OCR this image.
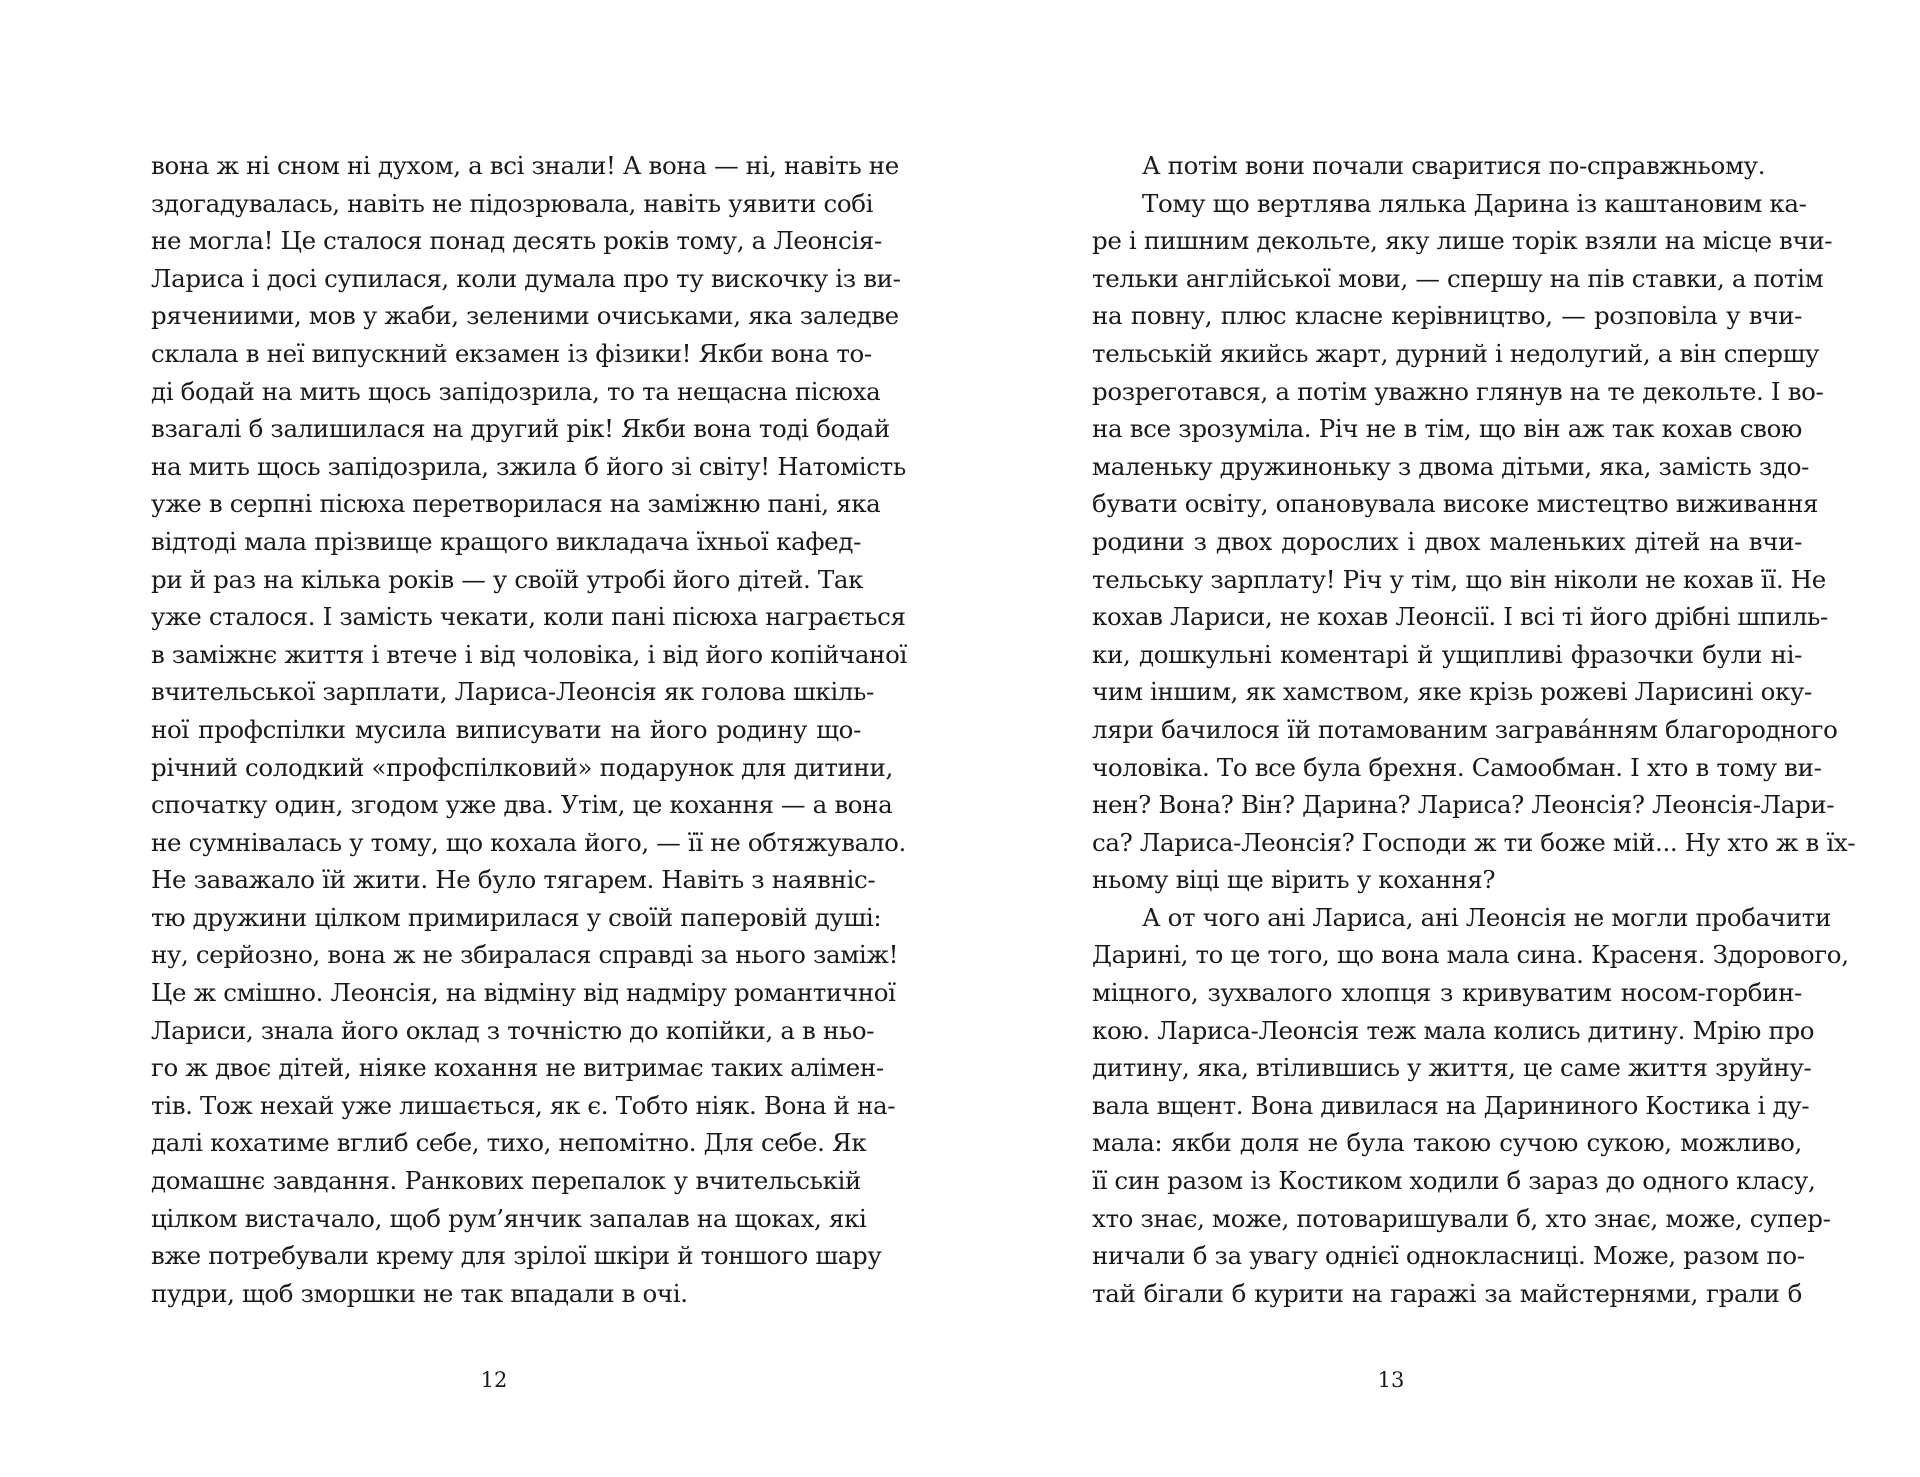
вона ж ні сном ні духом, а всі знали! А вона — ні, навіть не
здогадувалась, навіть не підозрювала, навіть уявити собі
не могла! Це сталося понад десять років тому, а Леонсія-
Лариса і досі супилася, коли думала про ту вискочку із ви-
рячениими, мов у жаби, зеленими очиськами, яка заледве
склала в неї випускний екзамен із фізики! Якби вона то-
ді бодай на мить щось запідозрила, то та нещасна пісюха
взагалі б залишилася на другий рік! Якби вона тоді бодай
на мить щось запідозрила, зжила б його зі світу! Натомість
уже в серпні пісюха перетворилася на заміжню пані, яка
відтоді мала прізвище кращого викладача їхньої кафед-
ри й раз на кілька років — у своїй утробі його дітей. Так
уже сталося. І замість чекати, коли пані пісюха награється
в заміжнє життя і втече і від чоловіка, і від його копійчаної
вчительської зарплати, Лариса-Леонсія як голова шкіль-
ної профспілки мусила виписувати на його родину що-
річний солодкий «профспілковий» подарунок для дитини,
спочатку один, згодом уже два. Утім, це кохання — а вона
не сумнівалась у тому, що кохала його, — її не обтяжувало.
Не заважало їй жити. Не було тягарем. Навіть з наявніс-
тю дружини цілком примирилася у своїй паперовій душі:
ну, серйозно, вона ж не збиралася справді за нього заміж!
Це ж смішно. Леонсія, на відміну від надміру романтичної
Лариси, знала його оклад з точністю до копійки, а в ньо-
го ж двоє дітей, ніяке кохання не витримає таких алімен-
тів. Тож нехай уже лишається, як є. Тобто ніяк. Вона й на-
далі кохатиме вглиб себе, тихо, непомітно. Для себе. Як
домашнє завдання. Ранкових перепалок у вчительській
цілком вистачало, щоб рум’янчик запалав на щоках, які
вже потребували крему для зрілої шкіри й тоншого шару
пудри, щоб зморшки не так впадали в очі.
12
А потім вони почали сваритися по-справжньому.
Тому що вертлява лялька Дарина із каштановим ка-
ре і пишним декольте, яку лише торік взяли на місце вчи-
тельки англійської мови, — спершу на пів ставки, а потім
на повну, плюс класне керівництво, — розповіла у вчи-
тельській якийсь жарт, дурний і недолугий, а він спершу
розреготався, а потім уважно глянув на те декольте. І во-
на все зрозуміла. Річ не в тім, що він аж так кохав свою
маленьку дружиноньку з двома дітьми, яка, замість здо-
бувати освіту, опановувала високе мистецтво виживання
родини з двох дорослих і двох маленьких дітей на вчи-
тельську зарплату! Річ у тім, що він ніколи не кохав її. Не
кохав Лариси, не кохав Леонсії. І всі ті його дрібні шпиль-
ки, дошкульні коментарі й ущипливі фразочки були ні-
чим іншим, як хамством, яке крізь рожеві Ларисині оку-
ляри бачилося їй потамованим загравáнням благородного
чоловіка. То все була брехня. Самообман. І хто в тому ви-
нен? Вона? Він? Дарина? Лариса? Леонсія? Леонсія-Лари-
са? Лариса-Леонсія? Господи ж ти боже мій... Ну хто ж в їх-
ньому віці ще вірить у кохання?
А от чого ані Лариса, ані Леонсія не могли пробачити
Дарині, то це того, що вона мала сина. Красеня. Здорового,
міцного, зухвалого хлопця з кривуватим носом-горбин-
кою. Лариса-Леонсія теж мала колись дитину. Мрію про
дитину, яка, втілившись у життя, це саме життя зруйну-
вала вщент. Вона дивилася на Дарининого Костика і ду-
мала: якби доля не була такою сучою сукою, можливо,
її син разом із Костиком ходили б зараз до одного класу,
хто знає, може, потоваришували б, хто знає, може, супер-
ничали б за увагу однієї однокласниці. Може, разом по-
тай бігали б курити на гаражі за майстернями, грали б
13
